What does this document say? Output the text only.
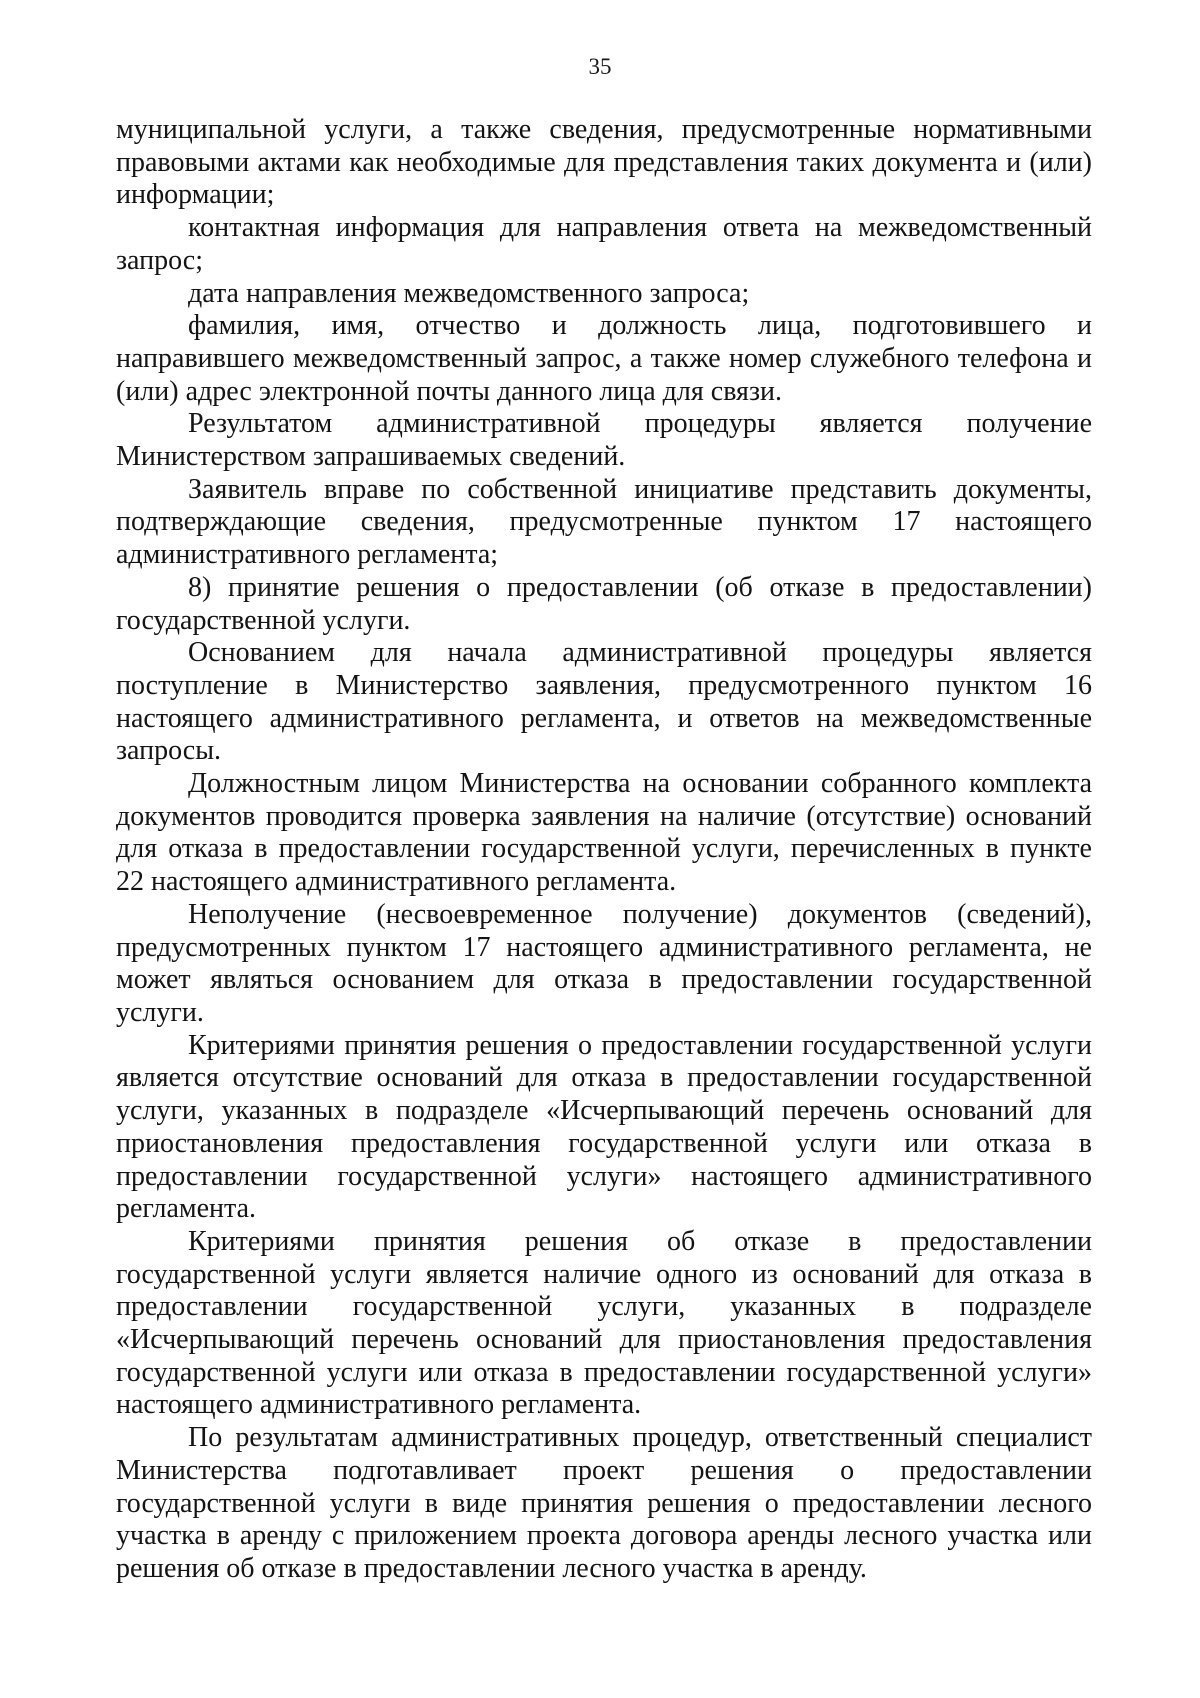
35

муниципальной услуги, а также сведения, предусмотренные нормативными правовыми актами как необходимые для представления таких документа и (или) информации;

контактная информация для направления ответа на межведомственный запрос;

дата направления межведомственного запроса;

фамилия, имя, отчество и должность лица, подготовившего и направившего межведомственный запрос, а также номер служебного телефона и (или) адрес электронной почты данного лица для связи.

Результатом административной процедуры является получение Министерством запрашиваемых сведений.

Заявитель вправе по собственной инициативе представить документы, подтверждающие сведения, предусмотренные пунктом 17 настоящего административного регламента;

8) принятие решения о предоставлении (об отказе в предоставлении) государственной услуги.

Основанием для начала административной процедуры является поступление в Министерство заявления, предусмотренного пунктом 16 настоящего административного регламента, и ответов на межведомственные запросы.

Должностным лицом Министерства на основании собранного комплекта документов проводится проверка заявления на наличие (отсутствие) оснований для отказа в предоставлении государственной услуги, перечисленных в пункте 22 настоящего административного регламента.

Неполучение (несвоевременное получение) документов (сведений), предусмотренных пунктом 17 настоящего административного регламента, не может являться основанием для отказа в предоставлении государственной услуги.

Критериями принятия решения о предоставлении государственной услуги является отсутствие оснований для отказа в предоставлении государственной услуги, указанных в подразделе «Исчерпывающий перечень оснований для приостановления предоставления государственной услуги или отказа в предоставлении государственной услуги» настоящего административного регламента.

Критериями принятия решения об отказе в предоставлении государственной услуги является наличие одного из оснований для отказа в предоставлении государственной услуги, указанных в подразделе «Исчерпывающий перечень оснований для приостановления предоставления государственной услуги или отказа в предоставлении государственной услуги» настоящего административного регламента.

По результатам административных процедур, ответственный специалист Министерства подготавливает проект решения о предоставлении государственной услуги в виде принятия решения о предоставлении лесного участка в аренду с приложением проекта договора аренды лесного участка или решения об отказе в предоставлении лесного участка в аренду.
